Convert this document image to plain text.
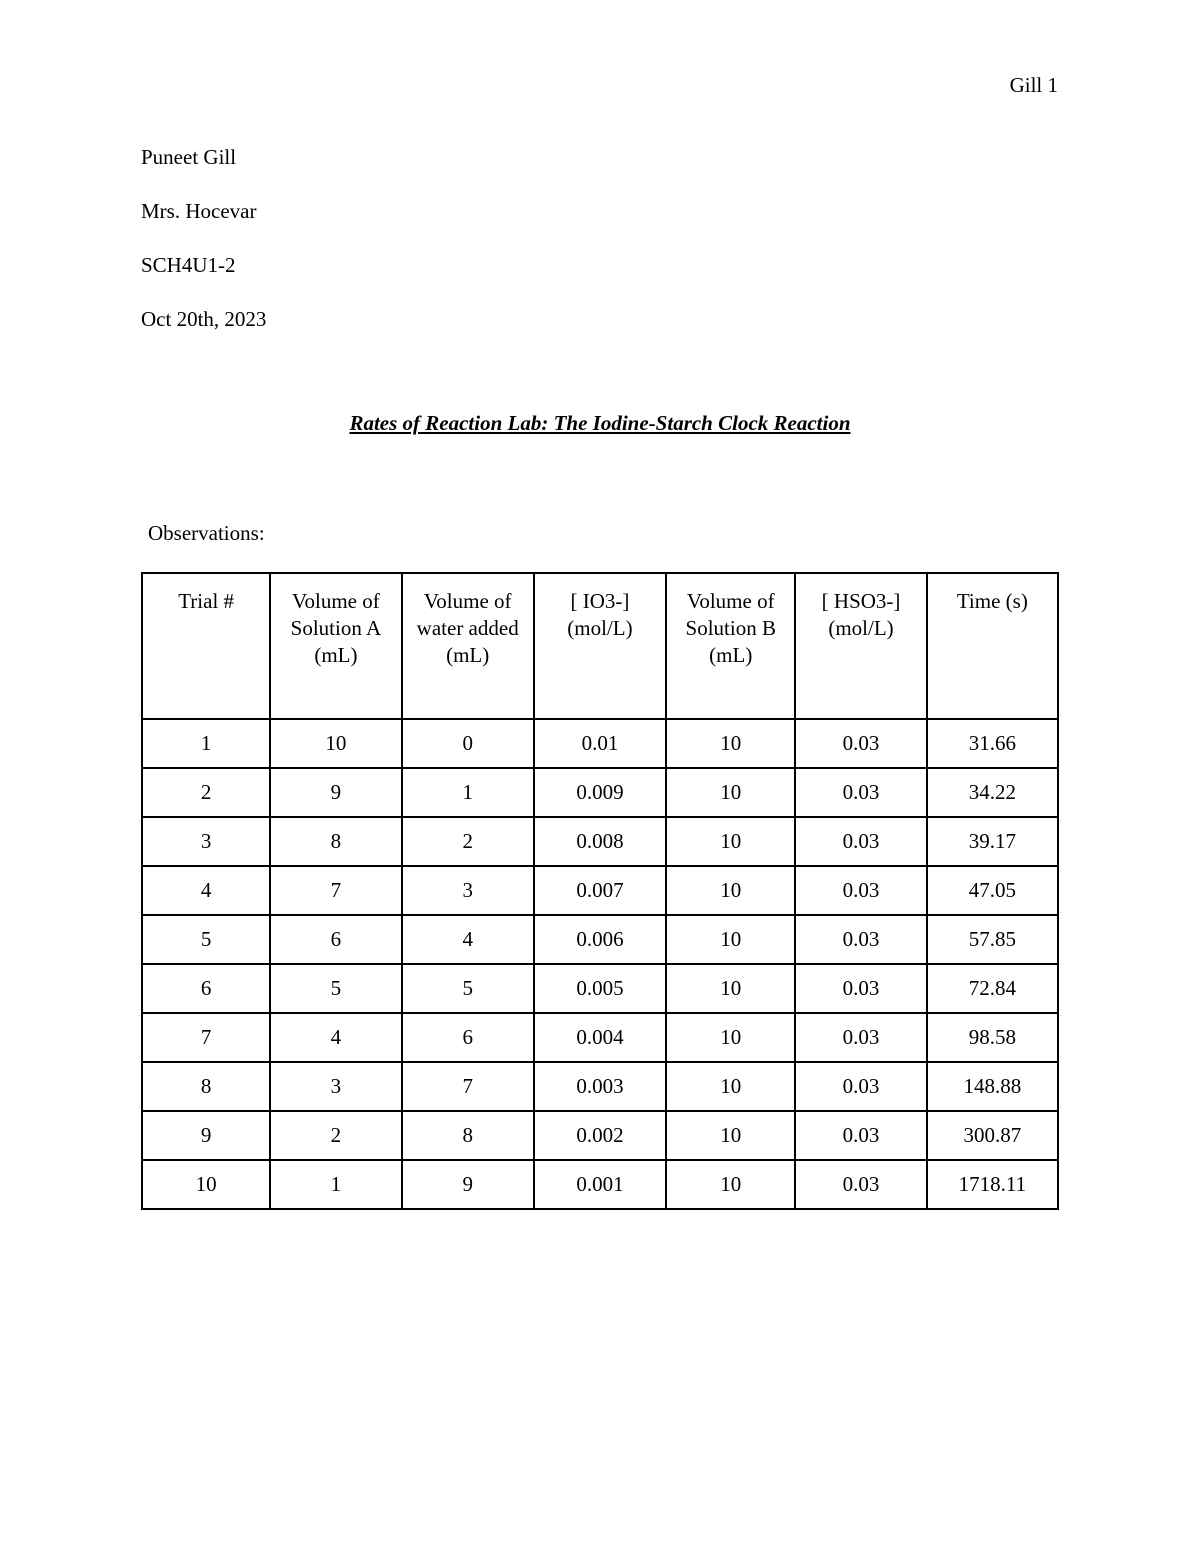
Gill 1
Puneet Gill
Mrs. Hocevar
SCH4U1-2
Oct 20th, 2023
Rates of Reaction Lab: The Iodine-Starch Clock Reaction
Observations:
Trial #	Volume of Solution A (mL)	Volume of water added (mL)	[ IO3-] (mol/L)	Volume of Solution B (mL)	[ HSO3-] (mol/L)	Time (s)
1	10	0	0.01	10	0.03	31.66
2	9	1	0.009	10	0.03	34.22
3	8	2	0.008	10	0.03	39.17
4	7	3	0.007	10	0.03	47.05
5	6	4	0.006	10	0.03	57.85
6	5	5	0.005	10	0.03	72.84
7	4	6	0.004	10	0.03	98.58
8	3	7	0.003	10	0.03	148.88
9	2	8	0.002	10	0.03	300.87
10	1	9	0.001	10	0.03	1718.11
